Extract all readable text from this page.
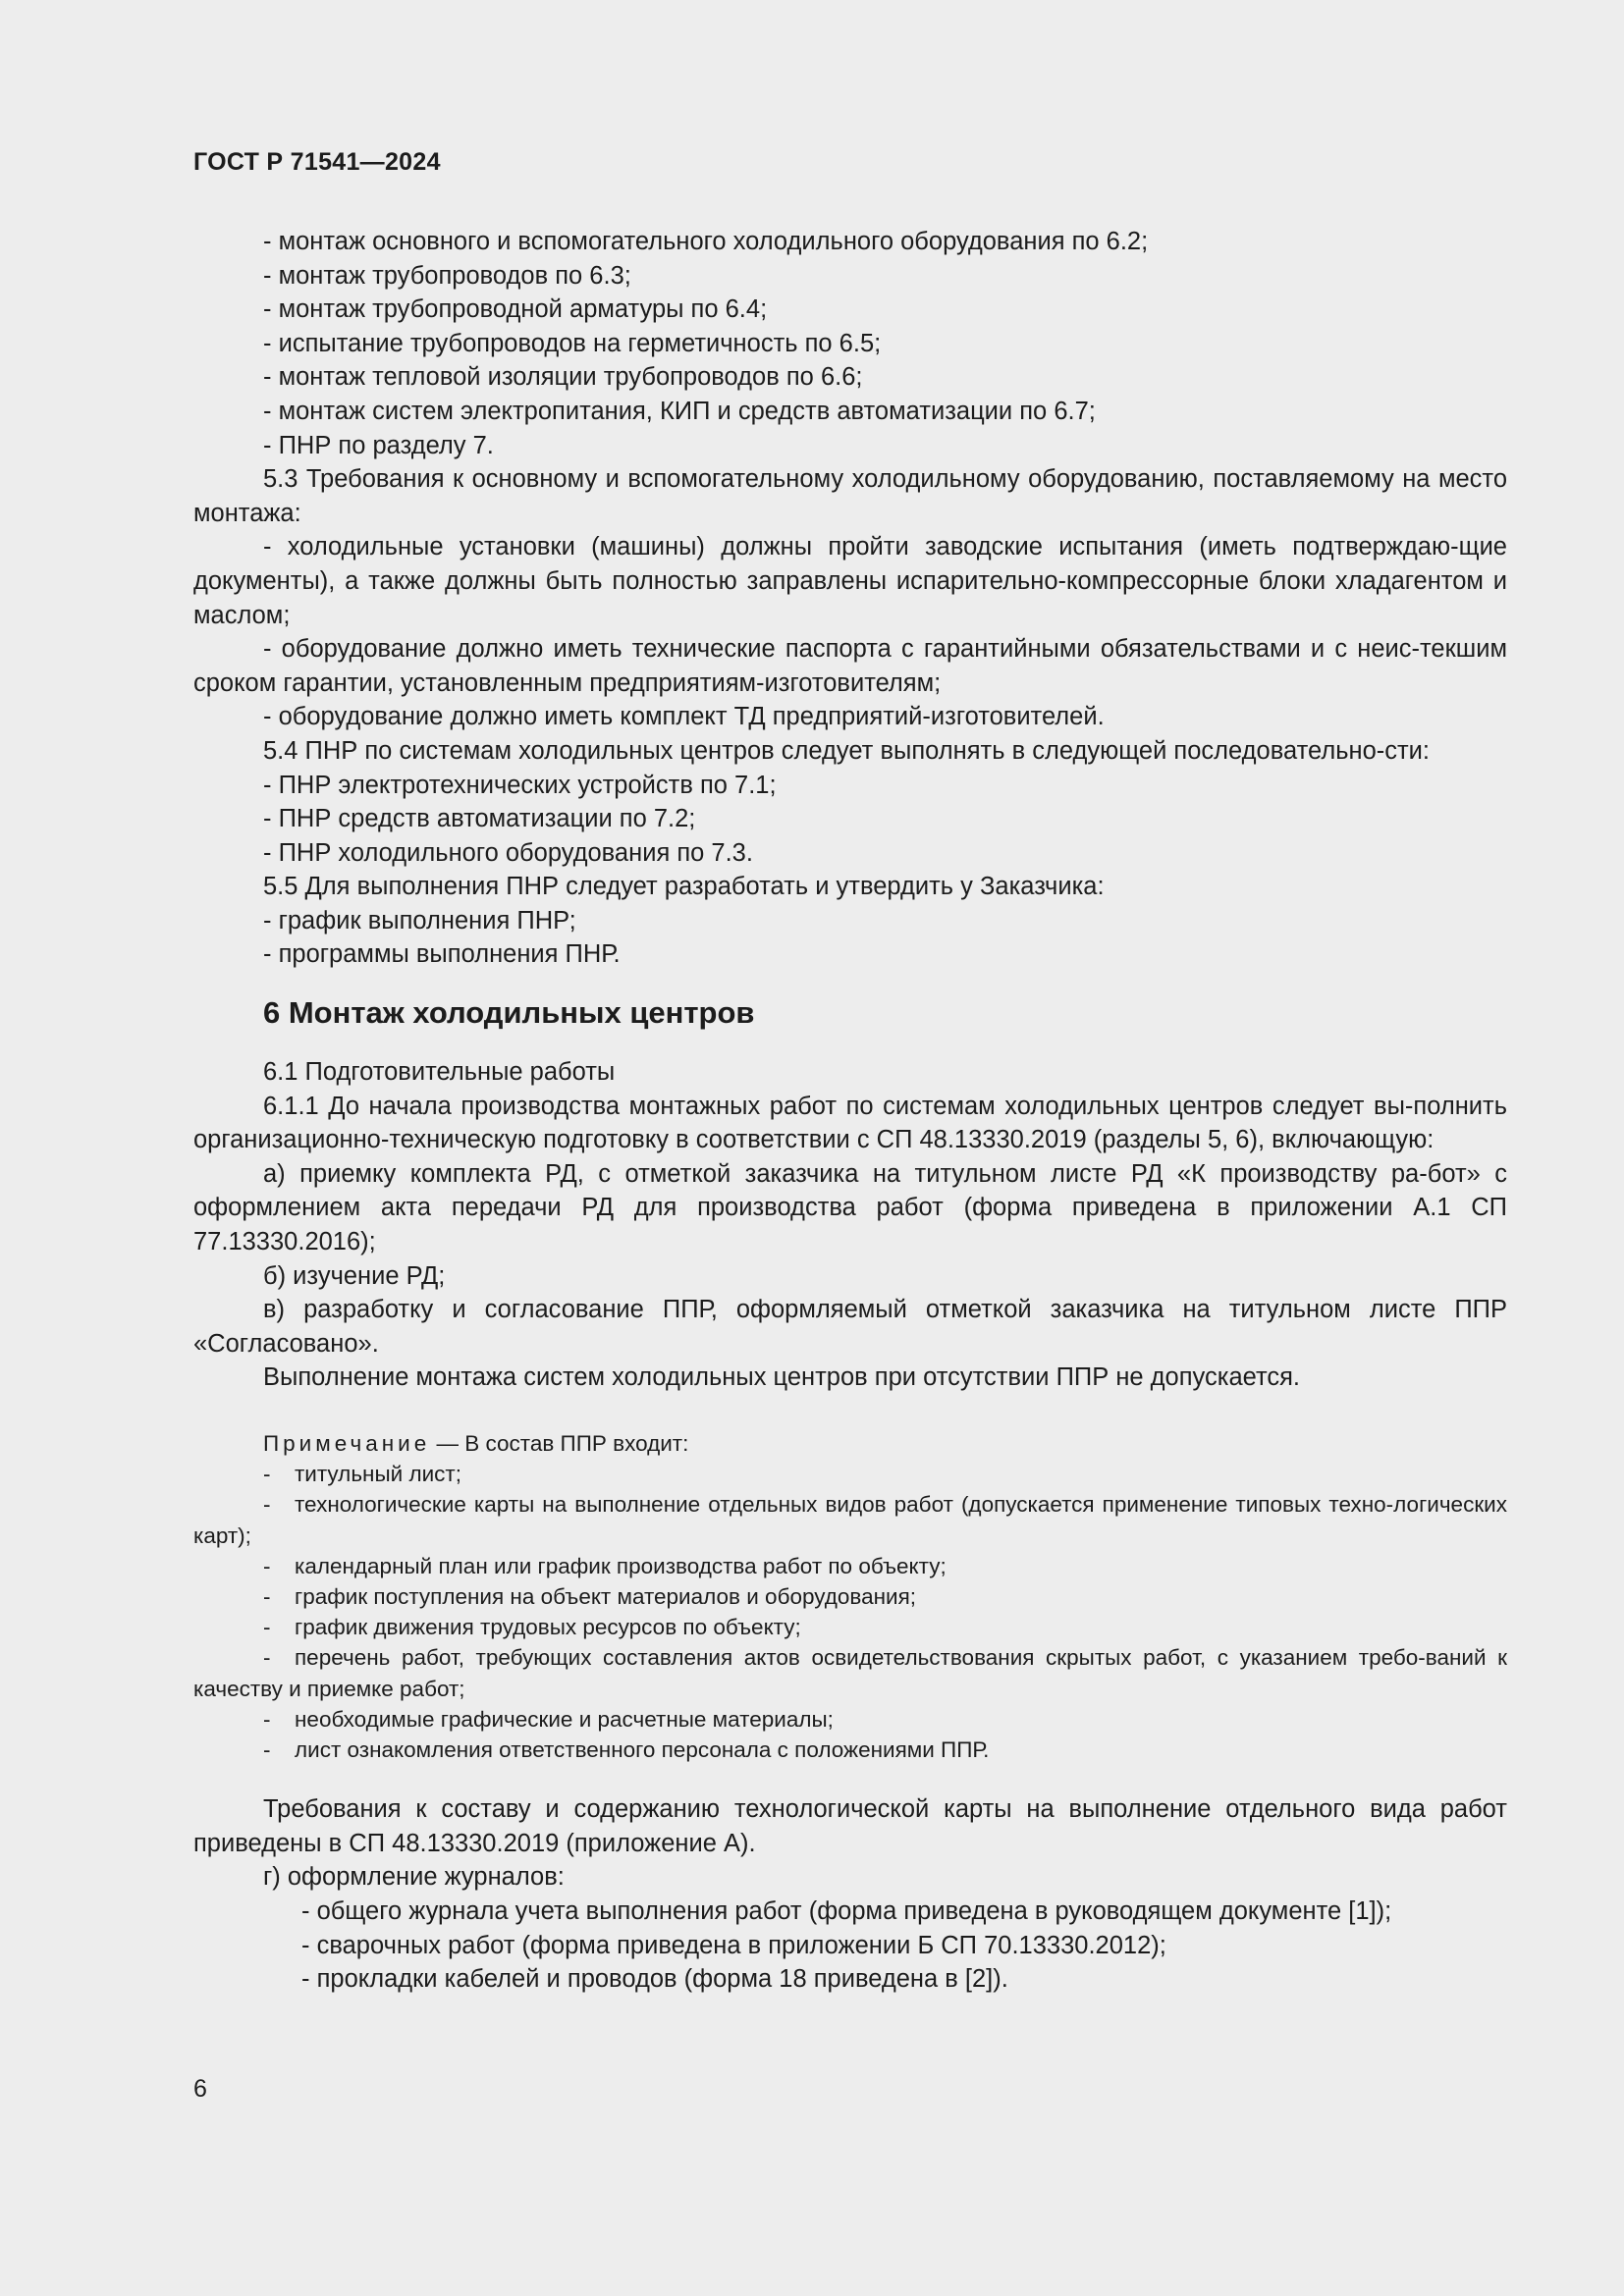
ГОСТ Р 71541—2024

- монтаж основного и вспомогательного холодильного оборудования по 6.2;

- монтаж трубопроводов по 6.3;

- монтаж трубопроводной арматуры по 6.4;

- испытание трубопроводов на герметичность по 6.5;

- монтаж тепловой изоляции трубопроводов по 6.6;

- монтаж систем электропитания, КИП и средств автоматизации по 6.7;

- ПНР по разделу 7.

5.3 Требования к основному и вспомогательному холодильному оборудованию, поставляемому на место монтажа:

- холодильные установки (машины) должны пройти заводские испытания (иметь подтверждаю-щие документы), а также должны быть полностью заправлены испарительно-компрессорные блоки хладагентом и маслом;

- оборудование должно иметь технические паспорта с гарантийными обязательствами и с неис-текшим сроком гарантии, установленным предприятиям-изготовителям;

- оборудование должно иметь комплект ТД предприятий-изготовителей.

5.4 ПНР по системам холодильных центров следует выполнять в следующей последовательно-сти:

- ПНР электротехнических устройств по 7.1;

- ПНР средств автоматизации по 7.2;

- ПНР холодильного оборудования по 7.3.

5.5 Для выполнения ПНР следует разработать и утвердить у Заказчика:

- график выполнения ПНР;

- программы выполнения ПНР.

6 Монтаж холодильных центров

6.1 Подготовительные работы

6.1.1 До начала производства монтажных работ по системам холодильных центров следует вы-полнить организационно-техническую подготовку в соответствии с СП 48.13330.2019 (разделы 5, 6), включающую:

а) приемку комплекта РД, с отметкой заказчика на титульном листе РД «К производству ра-бот» с оформлением акта передачи РД для производства работ (форма приведена в приложении А.1 СП 77.13330.2016);

б) изучение РД;

в) разработку и согласование ППР, оформляемый отметкой заказчика на титульном листе ППР «Согласовано».

Выполнение монтажа систем холодильных центров при отсутствии ППР не допускается.

Примечание — В состав ППР входит:

- титульный лист;

- технологические карты на выполнение отдельных видов работ (допускается применение типовых техно-логических карт);

- календарный план или график производства работ по объекту;

- график поступления на объект материалов и оборудования;

- график движения трудовых ресурсов по объекту;

- перечень работ, требующих составления актов освидетельствования скрытых работ, с указанием требо-ваний к качеству и приемке работ;

- необходимые графические и расчетные материалы;

- лист ознакомления ответственного персонала с положениями ППР.

Требования к составу и содержанию технологической карты на выполнение отдельного вида работ приведены в СП 48.13330.2019 (приложение А).

г) оформление журналов:

- общего журнала учета выполнения работ (форма приведена в руководящем документе [1]);

- сварочных работ (форма приведена в приложении Б СП 70.13330.2012);

- прокладки кабелей и проводов (форма 18 приведена в [2]).

6
